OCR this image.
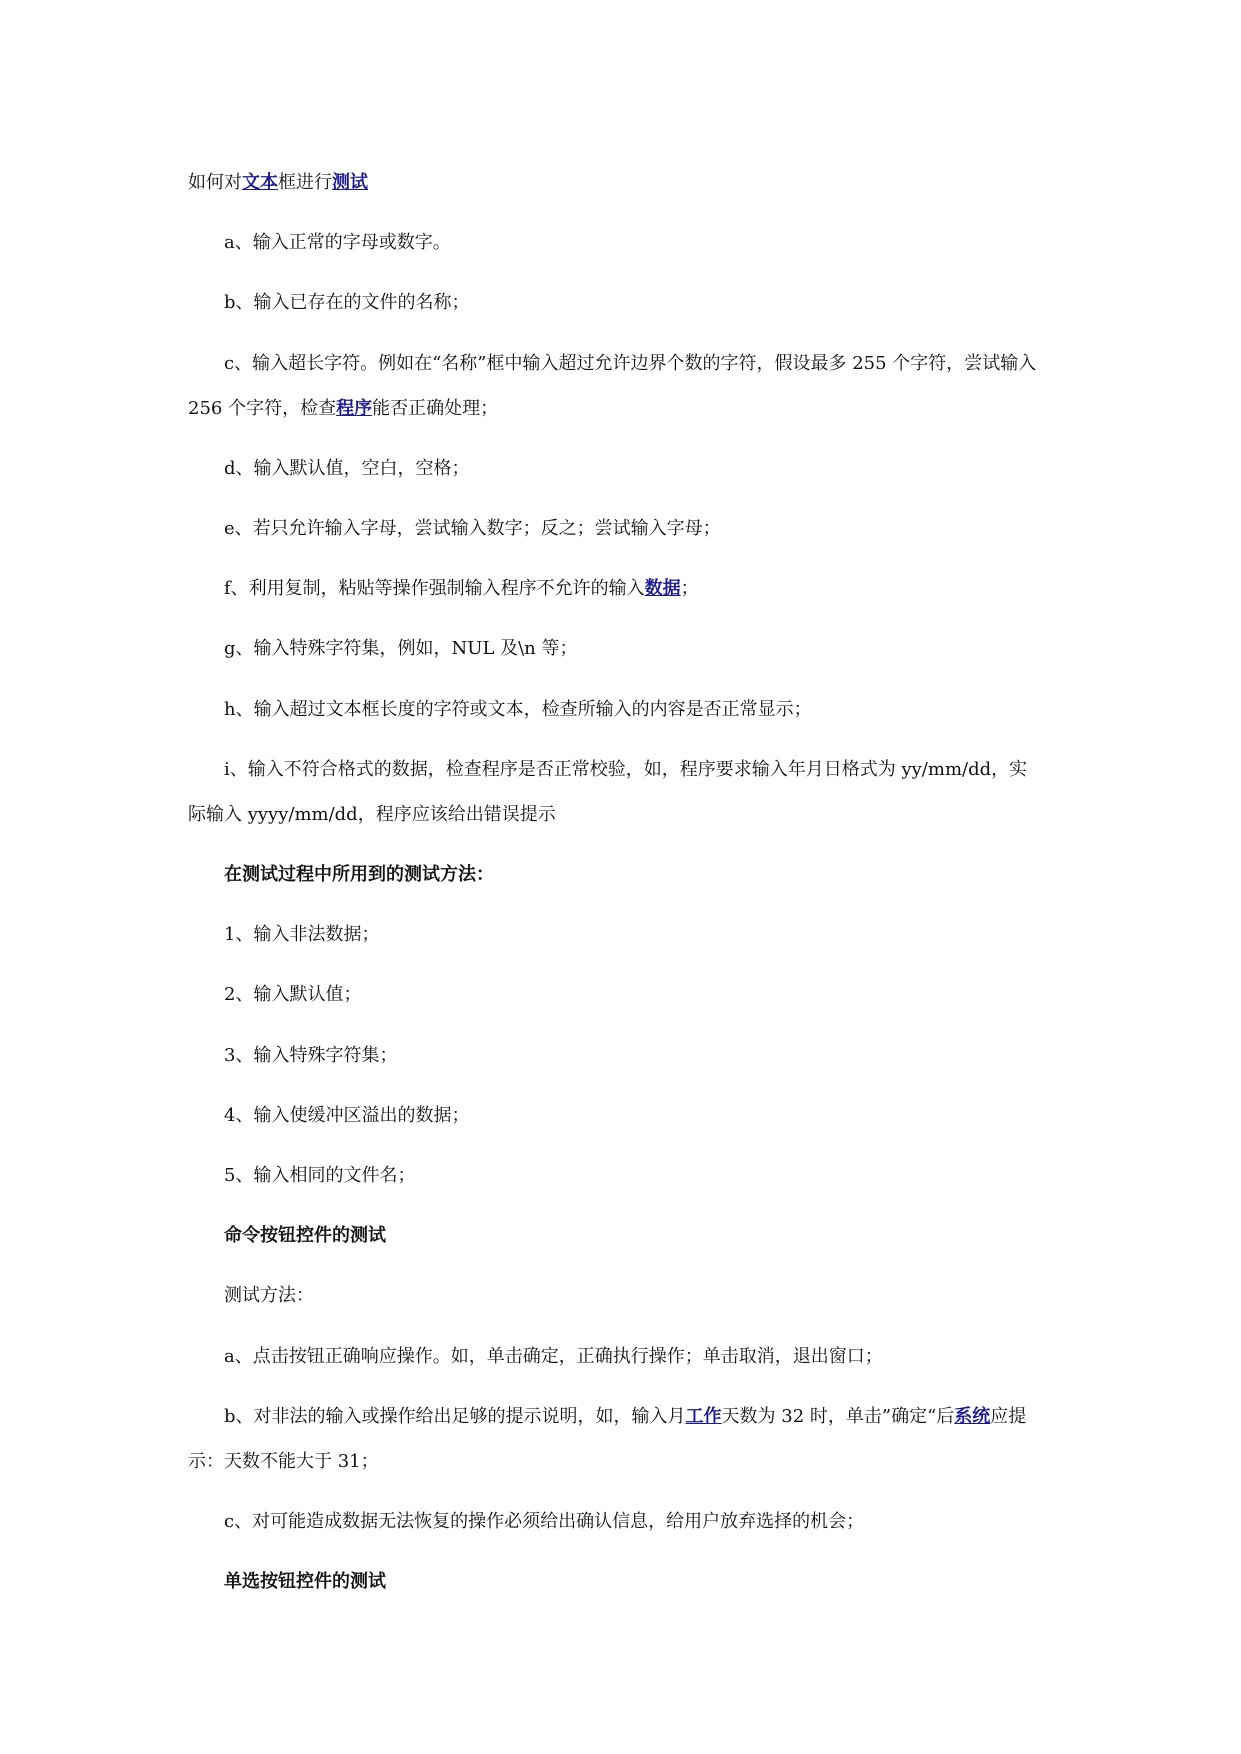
如何对文本框进行测试

a、输入正常的字母或数字。

b、输入已存在的文件的名称；

c、输入超长字符。例如在“名称”框中输入超过允许边界个数的字符，假设最多 255 个字符，尝试输入

256 个字符，检查程序能否正确处理；

d、输入默认值，空白，空格；

e、若只允许输入字母，尝试输入数字；反之；尝试输入字母；

f、利用复制，粘贴等操作强制输入程序不允许的输入数据；

g、输入特殊字符集，例如，NUL 及\n 等；

h、输入超过文本框长度的字符或文本，检查所输入的内容是否正常显示；

i、输入不符合格式的数据，检查程序是否正常校验，如，程序要求输入年月日格式为 yy/mm/dd，实

际输入 yyyy/mm/dd，程序应该给出错误提示

在测试过程中所用到的测试方法：

1、输入非法数据；

2、输入默认值；

3、输入特殊字符集；

4、输入使缓冲区溢出的数据；

5、输入相同的文件名；

命令按钮控件的测试

测试方法：

a、点击按钮正确响应操作。如，单击确定，正确执行操作；单击取消，退出窗口；

b、对非法的输入或操作给出足够的提示说明，如，输入月工作天数为 32 时，单击”确定“后系统应提

示：天数不能大于 31；

c、对可能造成数据无法恢复的操作必须给出确认信息，给用户放弃选择的机会；

单选按钮控件的测试
